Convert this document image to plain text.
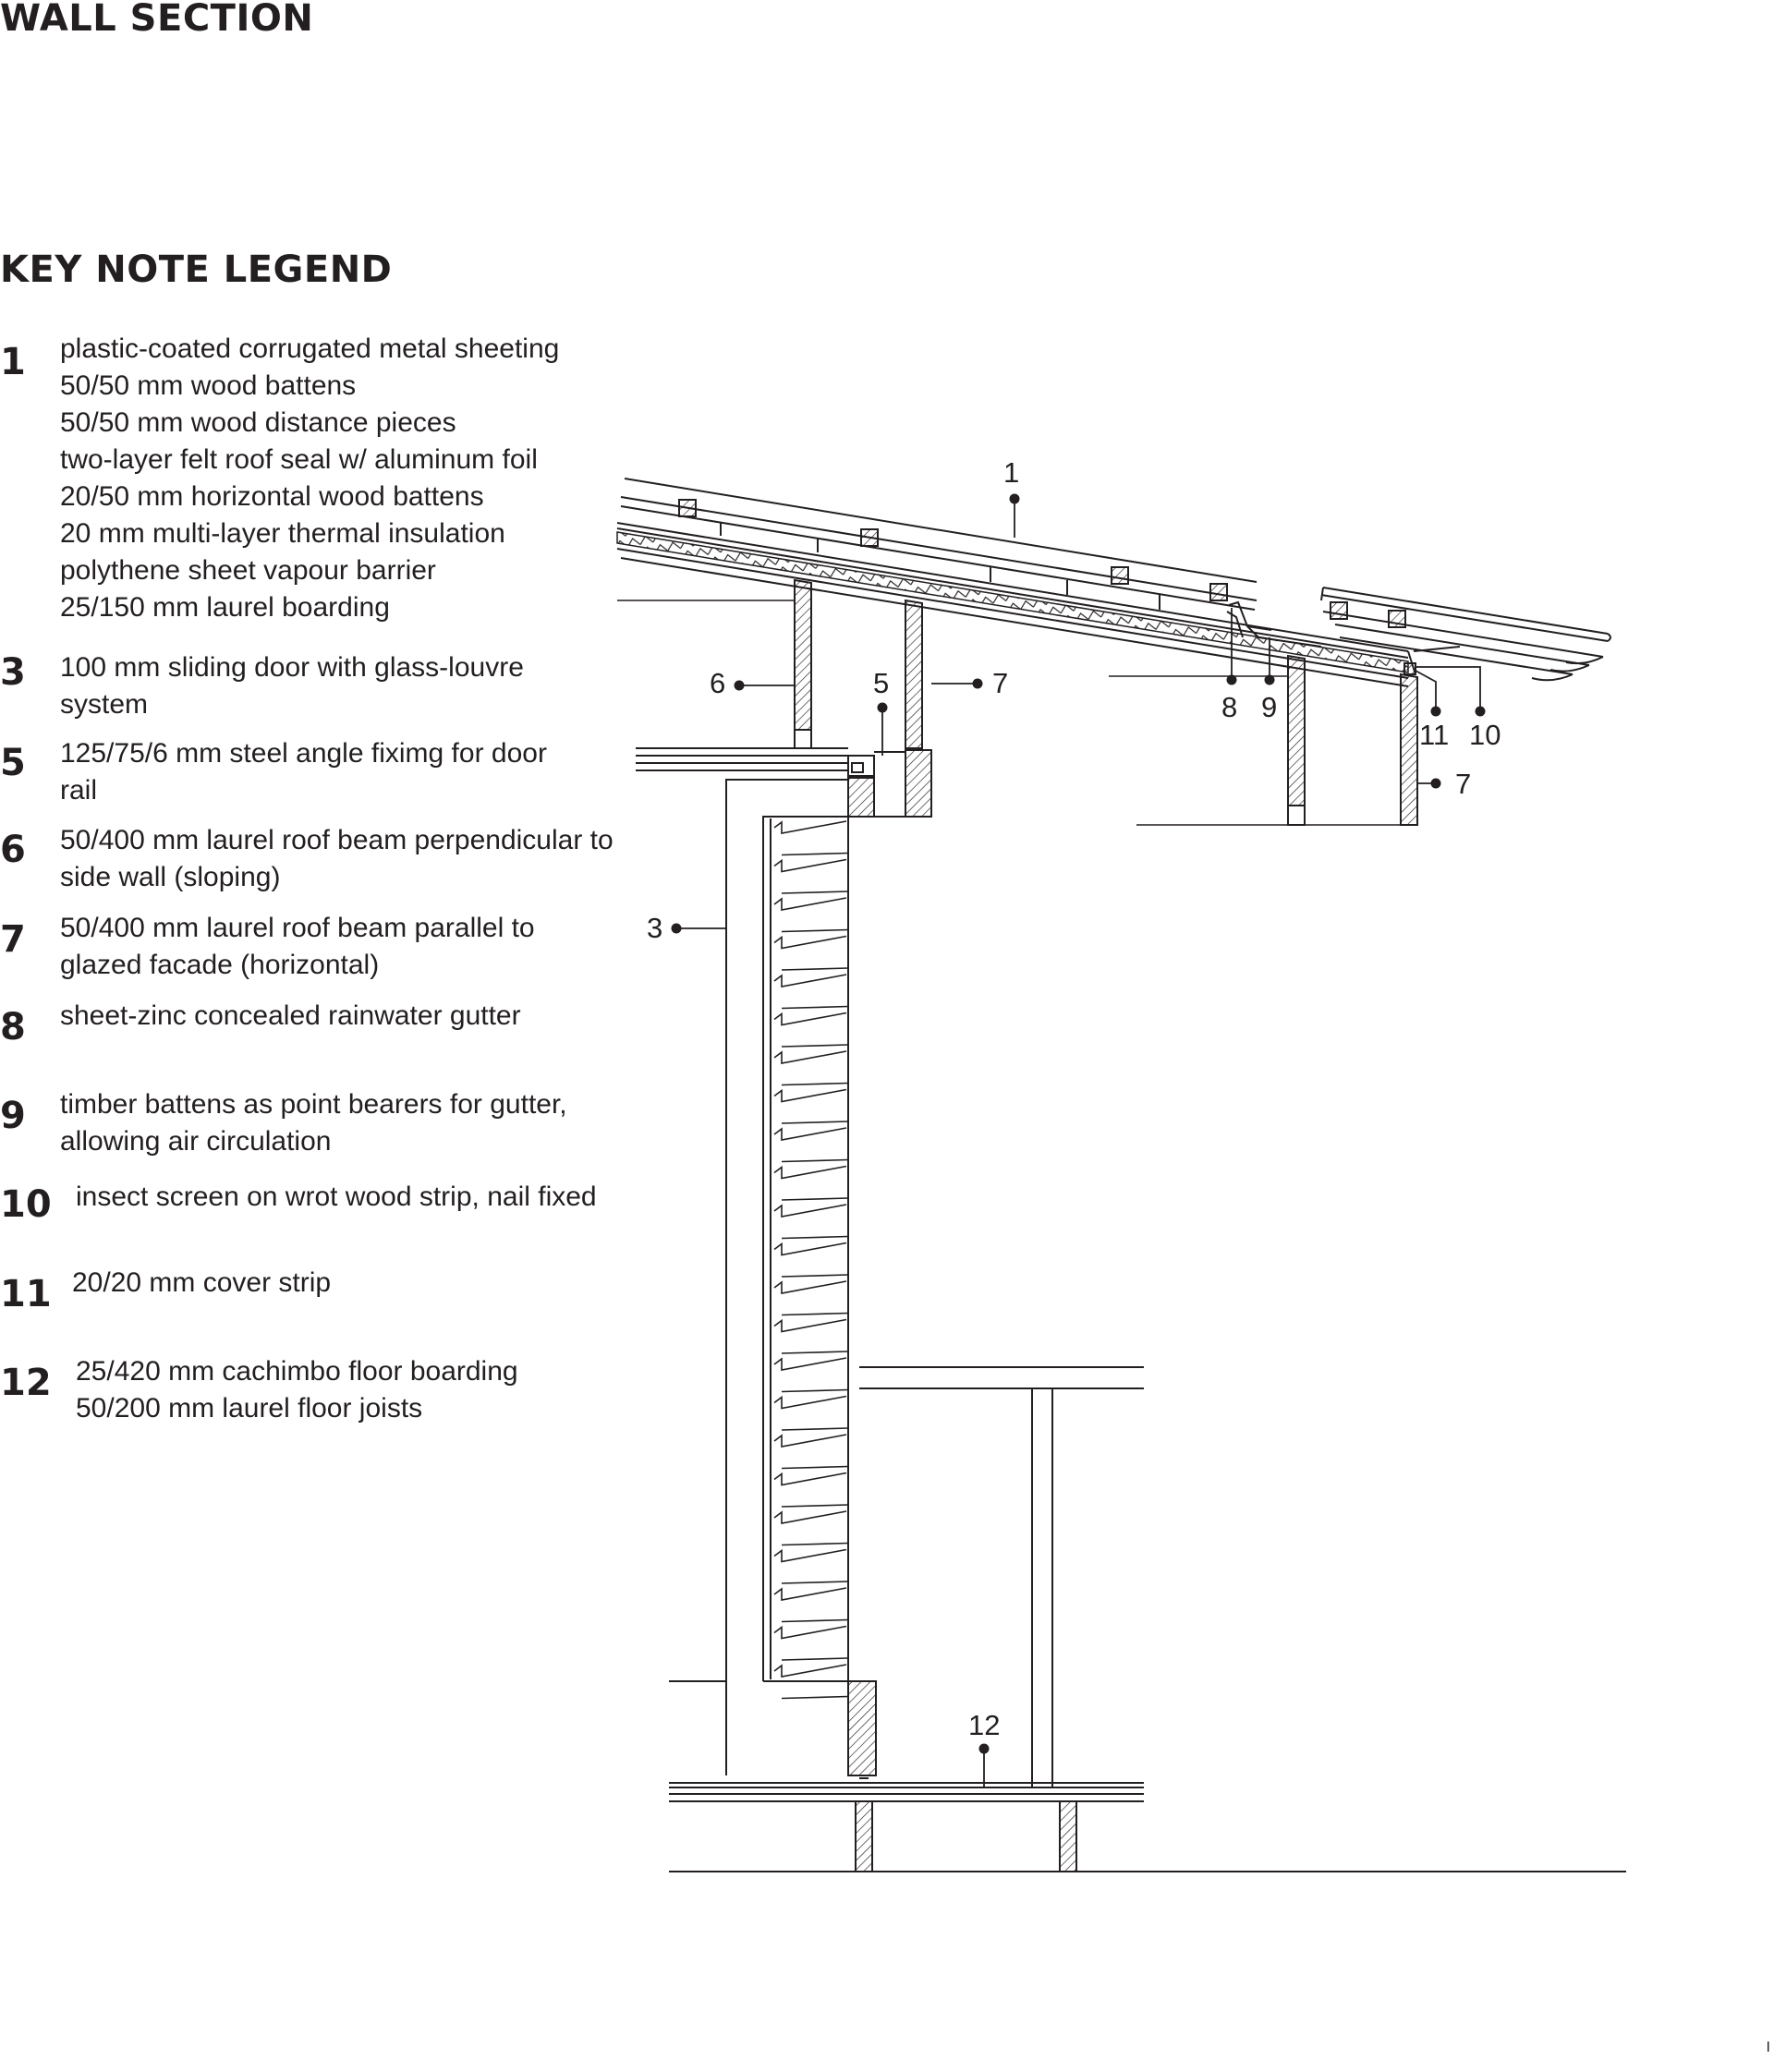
WALL SECTION
KEY NOTE LEGEND
1 plastic-coated corrugated metal sheeting
50/50 mm wood battens
50/50 mm wood distance pieces
two-layer felt roof seal w/ aluminum foil
20/50 mm horizontal wood battens
20 mm multi-layer thermal insulation
polythene sheet vapour barrier
25/150 mm laurel boarding
3 100 mm sliding door with glass-louvre
system
5 125/75/6 mm steel angle fiximg for door
rail
6 50/400 mm laurel roof beam perpendicular to
side wall (sloping)
7 50/400 mm laurel roof beam parallel to
glazed facade (horizontal)
8 sheet-zinc concealed rainwater gutter
9 timber battens as point bearers for gutter,
allowing air circulation
10 insect screen on wrot wood strip, nail fixed
11 20/20 mm cover strip
12 25/420 mm cachimbo floor boarding
50/200 mm laurel floor joists
1
6	5	7
8 9
11 10
7
3
12
I
